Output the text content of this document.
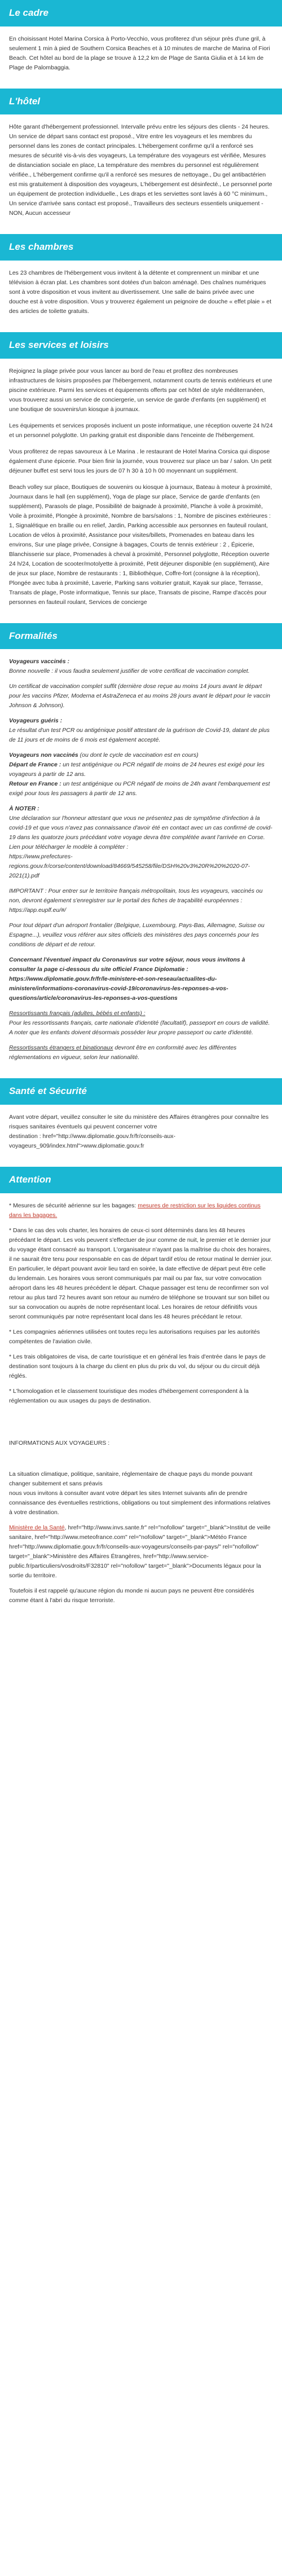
Le cadre

En choisissant Hotel Marina Corsica à Porto-Vecchio, vous profiterez d'un séjour près d'une gril, à seulement 1 min à pied de Southern Corsica Beaches et à 10 minutes de marche de Marina of Fiori Beach. Cet hôtel au bord de la plage se trouve à 12,2 km de Plage de Santa Giulia et à 14 km de Plage de Palombaggia.

L'hôtel

Hôte garant d'hébergement professionnel. Intervalle prévu entre les séjours des clients - 24 heures. Un service de départ sans contact est proposé., Vitre entre les voyageurs et les membres du personnel dans les zones de contact principales. L'hébergement confirme qu'il a renforcé ses mesures de sécurité vis-à-vis des voyageurs, La température des voyageurs est vérifiée, Mesures de distanciation sociale en place, La température des membres du personnel est régulièrement vérifiée., L'hébergement confirme qu'il a renforcé ses mesures de nettoyage., Du gel antibactérien est mis gratuitement à disposition des voyageurs, L'hébergement est désinfecté., Le personnel porte un équipement de protection individuelle., Les draps et les serviettes sont lavés à 60 °C minimum., Un service d'arrivée sans contact est proposé., Travailleurs des secteurs essentiels uniquement - NON, Aucun accesseur

Les chambres

Les 23 chambres de l'hébergement vous invitent à la détente et comprennent un minibar et une télévision à écran plat. Les chambres sont dotées d'un balcon aménagé. Des chaînes numériques sont à votre disposition et vous invitent au divertissement. Une salle de bains privée avec une douche est à votre disposition. Vous y trouverez également un peignoire de douche « effet plaie » et des articles de toilette gratuits.

Les services et loisirs

Rejoignez la plage privée pour vous lancer au bord de l'eau et profitez des nombreuses infrastructures de loisirs proposées par l'hébergement, notamment courts de tennis extérieurs et une piscine extérieure. Parmi les services et équipements offerts par cet hôtel de style méditerranéen, vous trouverez aussi un service de conciergerie, un service de garde d'enfants (en supplément) et une boutique de souvenirs/un kiosque à journaux.

Les équipements et services proposés incluent un poste informatique, une réception ouverte 24 h/24 et un personnel polyglotte. Un parking gratuit est disponible dans l'enceinte de l'hébergement.

Vous profiterez de repas savoureux à Le Marina . le restaurant de Hotel Marina Corsica qui dispose également d'une épicerie. Pour bien finir la journée, vous trouverez sur place un bar / salon. Un petit déjeuner buffet est servi tous les jours de 07 h 30 à 10 h 00 moyennant un supplément.

Beach volley sur place, Boutiques de souvenirs ou kiosque à journaux, Bateau à moteur à proximité, Journaux dans le hall (en supplément), Yoga de plage sur place, Service de garde d'enfants (en supplément), Parasols de plage, Possibilité de baignade à proximité, Planche à voile à proximité, Voile à proximité, Plongée à proximité, Nombre de bars/salons : 1, Nombre de piscines extérieures : 1, Signalétique en braille ou en relief, Jardin, Parking accessible aux personnes en fauteuil roulant, Location de vélos à proximité, Assistance pour visites/billets, Promenades en bateau dans les environs, Sur une plage privée, Consigne à bagages, Courts de tennis extérieur : 2 , Épicerie, Blanchisserie sur place, Promenades à cheval à proximité, Personnel polyglotte, Réception ouverte 24 h/24, Location de scooter/motolyette à proximité, Petit déjeuner disponible (en supplément), Aire de jeux sur place, Nombre de restaurants : 1, Bibliothèque, Coffre-fort (consigne à la réception), Plongée avec tuba à proximité, Laverie, Parking sans voiturier gratuit, Kayak sur place, Terrasse, Transats de plage, Poste informatique, Tennis sur place, Transats de piscine, Rampe d'accès pour personnes en fauteuil roulant, Services de concierge

Formalités
Voyageurs vaccinés :

Bonne nouvelle : il vous faudra seulement justifier de votre certificat de vaccination complet.

Un certificat de vaccination complet suffit (dernière dose reçue au moins 14 jours avant le départ pour les vaccins Pfizer, Moderna et AstraZeneca et au moins 28 jours avant le départ pour le vaccin Johnson & Johnson).

Voyageurs guéris :

Le résultat d'un test PCR ou antigénique positif attestant de la guérison de Covid-19, datant de plus de 11 jours et de moins de 6 mois est également accepté.

Voyageurs non vaccinés (ou dont le cycle de vaccination est en cours)
Départ de France : un test antigénique ou PCR négatif de moins de 24 heures est exigé pour les voyageurs à partir de 12 ans.

Retour en France : un test antigénique ou PCR négatif de moins de 24h avant l'embarquement est exigé pour tous les passagers à partir de 12 ans.

À NOTER :

Une déclaration sur l'honneur attestant que vous ne présentez pas de symptôme d'infection à la covid-19 et que vous n'avez pas connaissance d'avoir été en contact avec un cas confirmé de covid-19 dans les quatorze jours précédant votre voyage devra être complétée avant l'arrivée en Corse. Lien pour télécharger le modèle à compléter :
https://www.prefectures-regions.gouv.fr/corse/content/download/84669/545258/file/DSH%20v3%20R%20%2020-07-2021(1).pdf

IMPORTANT : Pour entrer sur le territoire français métropolitain, tous les voyageurs, vaccinés ou non, devront également s'enregistrer sur le portail des fiches de traçabilité européennes : https://app.euplf.eu/#/

Pour tout départ d'un aéroport frontalier (Belgique, Luxembourg, Pays-Bas, Allemagne, Suisse ou Espagne...), veuillez vous référer aux sites officiels des ministères des pays concernés pour les conditions de départ et de retour.

Concernant l'éventuel impact du Coronavirus sur votre séjour, nous vous invitons à consulter la page ci-dessous du site officiel France Diplomatie : https://www.diplomatie.gouv.fr/fr/le-ministere-et-son-reseau/actualites-du-ministere/informations-coronavirus-covid-19/coronavirus-les-reponses-a-vos-questions/article/coronavirus-les-reponses-a-vos-questions

Ressortissants français (adultes, bébés et enfants) :
Pour les ressortissants français, carte nationale d'identité (facultatif), passeport en cours de validité.

A noter que les enfants doivent désormais posséder leur propre passeport ou carte d'identité.

Ressortissants étrangers et binationaux devront être en conformité avec les différentes réglementations en vigueur, selon leur nationalité.

Santé et Sécurité

Avant votre départ, veuillez consulter le site du ministère des Affaires étrangères pour connaître les risques sanitaires éventuels qui peuvent concerner votre
destination : href="http://www.diplomatie.gouv.fr/fr/conseils-aux-voyageurs_909/index.html">www.diplomatie.gouv.fr

Attention

* Mesures de sécurité aérienne sur les bagages: mesures de restriction sur les liquides continus dans les bagages.

* Dans le cas des vols charter, les horaires de ceux-ci sont déterminés dans les 48 heures précédant le départ. Les vols peuvent s'effectuer de jour comme de nuit, le premier et le dernier jour du voyage étant consacré au transport. L'organisateur n'ayant pas la maîtrise du choix des horaires, il ne saurait être tenu pour responsable en cas de départ tardif et/ou de retour matinal le dernier jour. En particulier, le départ pouvant avoir lieu tard en soirée, la date effective de départ peut être celle du lendemain. Les horaires vous seront communiqués par mail ou par fax, sur votre convocation aéroport dans les 48 heures précédent le départ. Chaque passager est tenu de reconfirmer son vol retour au plus tard 72 heures avant son retour au numéro de téléphone se trouvant sur son billet ou sur sa convocation ou auprès de notre représentant local. Les horaires de retour définitifs vous seront communiqués par notre représentant local dans les 48 heures précédant le retour.

* Les compagnies aériennes utilisées ont toutes reçu les autorisations requises par les autorités compétentes de l'aviation civile.

* Les trais obligatoires de visa, de carte touristique et en général les frais d'entrée dans le pays de destination sont toujours à la charge du client en plus du prix du vol, du séjour ou du circuit déjà réglés.

* L'homologation et le classement touristique des modes d'hébergement correspondent à la réglementation ou aux usages du pays de destination.

INFORMATIONS AUX VOYAGEURS :

La situation climatique, politique, sanitaire, réglementaire de chaque pays du monde pouvant changer subitement et sans préavis

nous vous invitons à consulter avant votre départ les sites Internet suivants afin de prendre connaissance des éventuelles restrictions, obligations ou tout simplement des informations relatives à votre destination.

Ministère de la Santé, href="http://www.invs.sante.fr" rel="nofollow" target="_blank">Institut de veille sanitaire, href="http://www.meteofrance.com" rel="nofollow" target="_blank">Météo France href="http://www.diplomatie.gouv.fr/fr/conseils-aux-voyageurs/conseils-par-pays/" rel="nofollow" target="_blank">Ministère des Affaires Étrangères, href="http://www.service-public.fr/particuliers/vosdroits/F32810" rel="nofollow" target="_blank">Documents légaux pour la sortie du territoire.

Toutefois il est rappelé qu'aucune région du monde ni aucun pays ne peuvent être considérés comme étant à l'abri du risque terroriste.
